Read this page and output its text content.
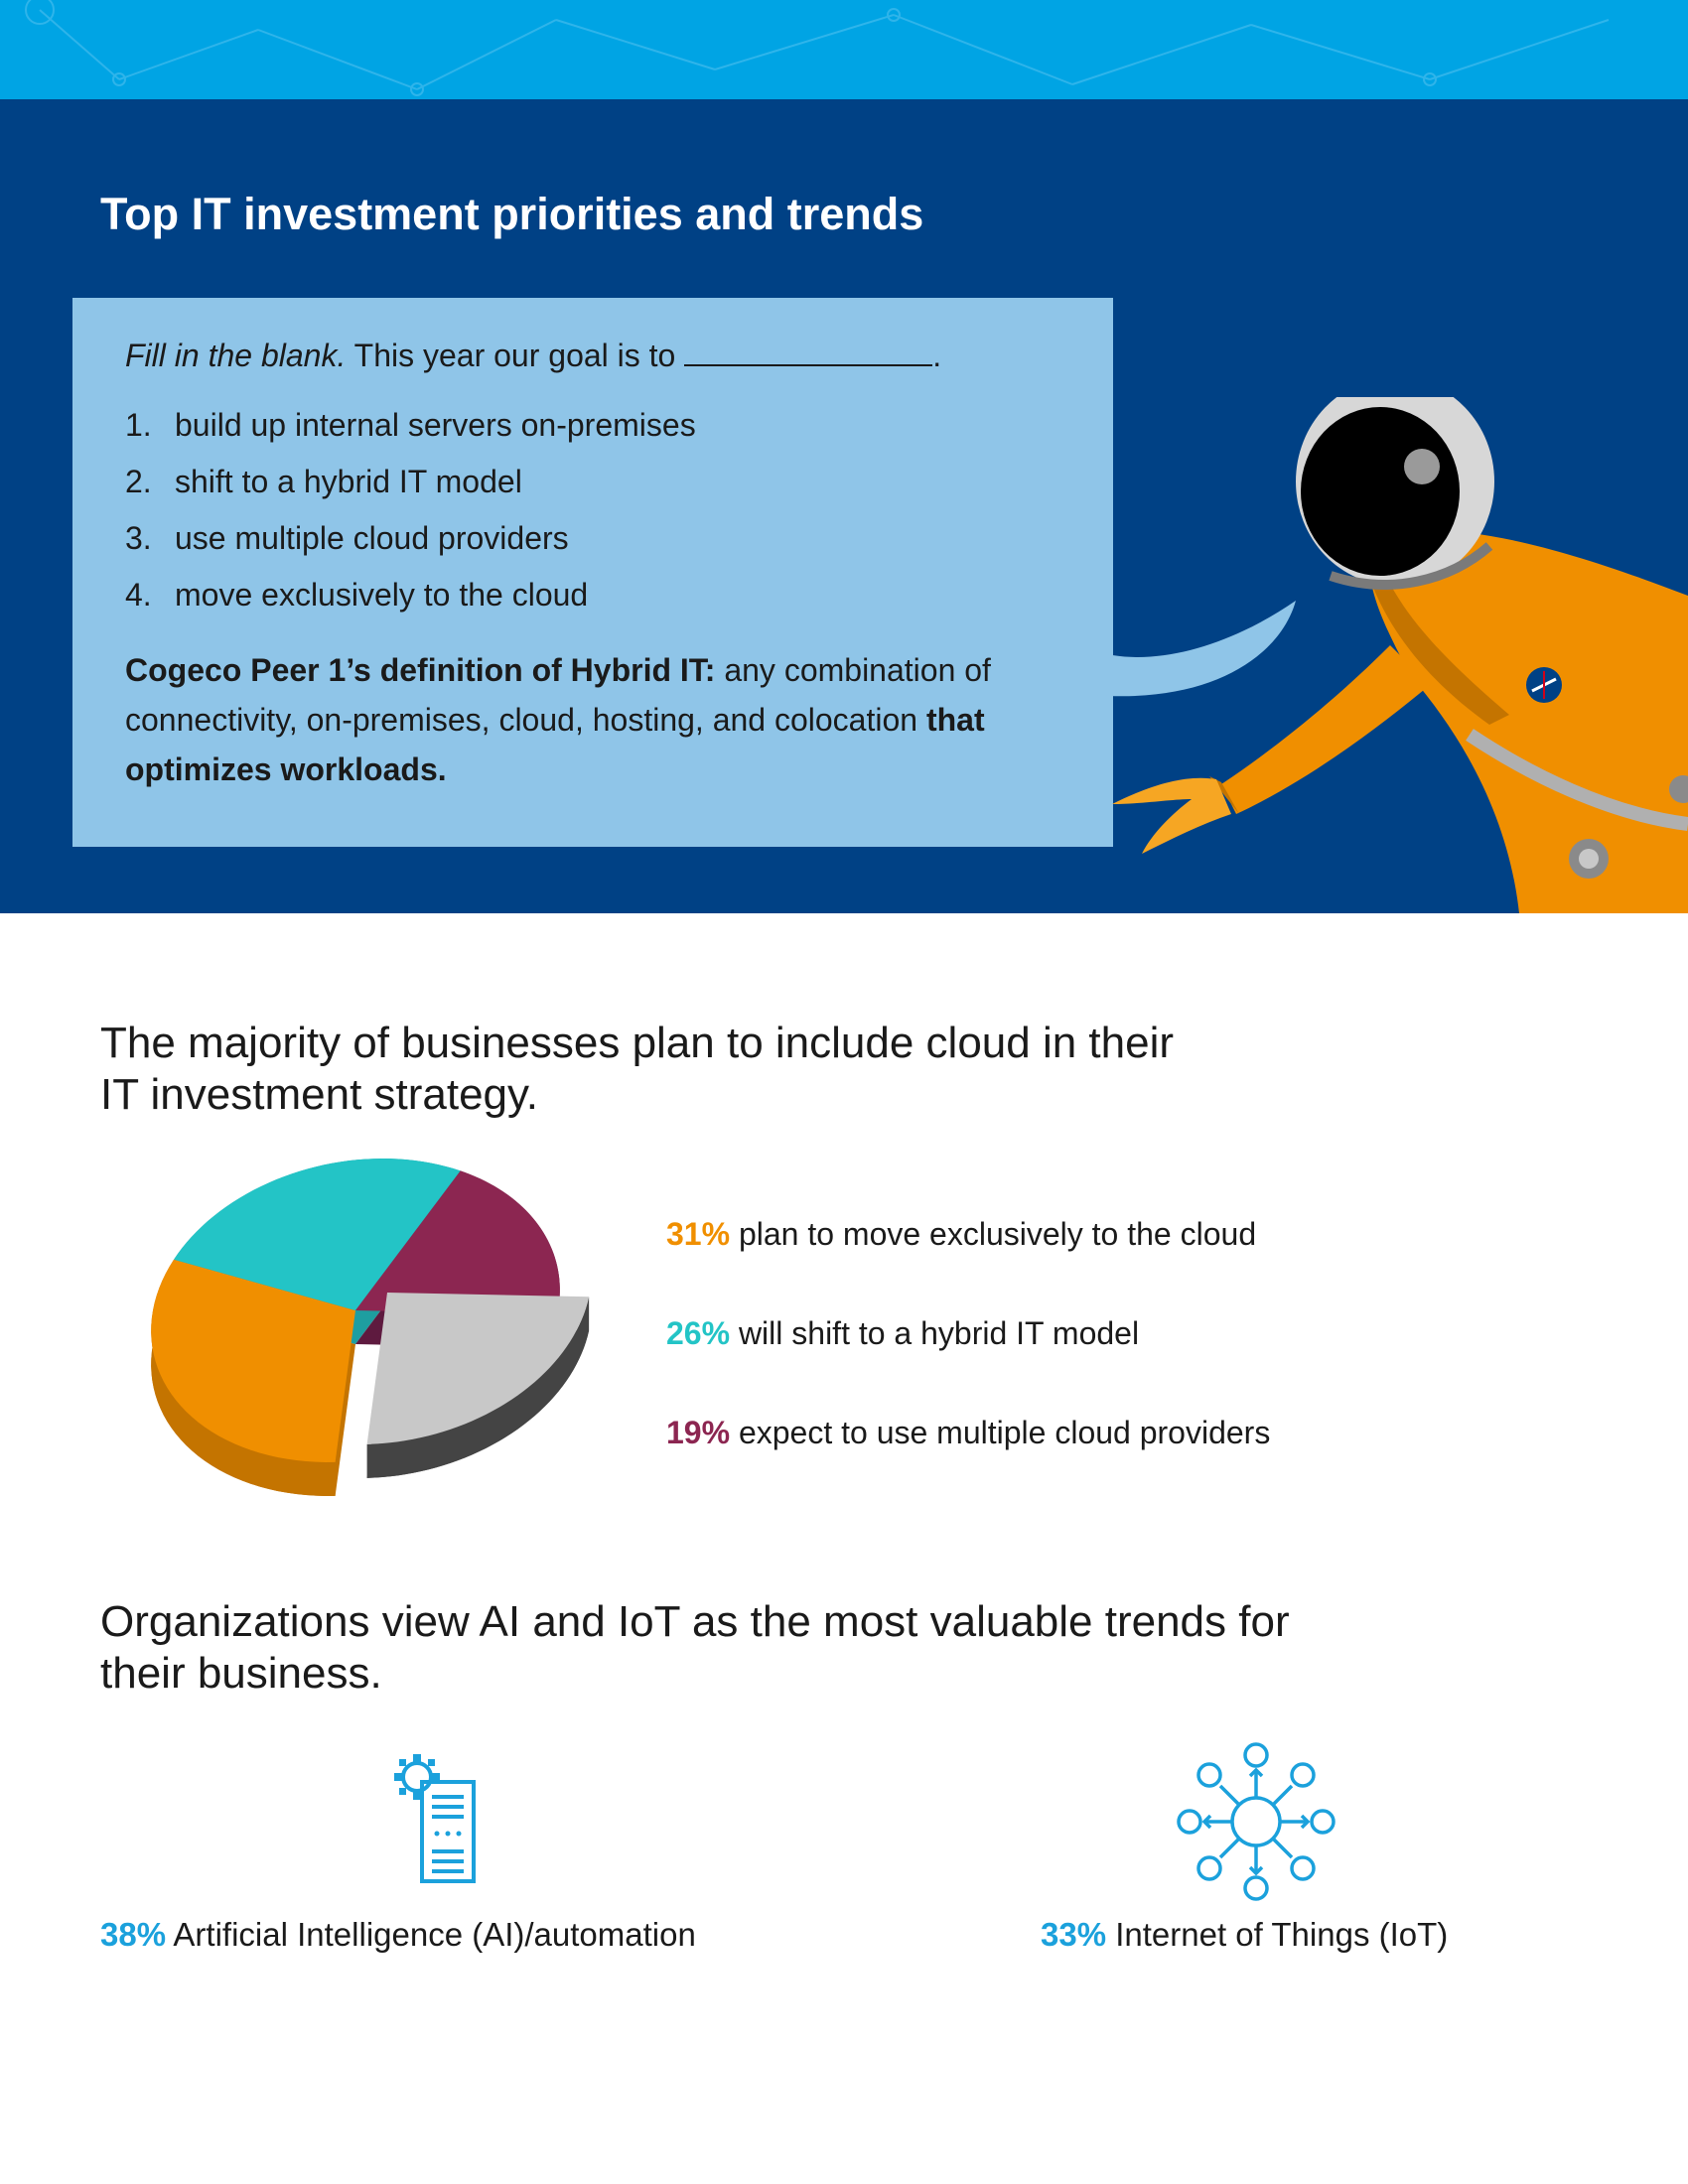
Top IT investment priorities and trends
Fill in the blank. This year our goal is to	.
1. build up internal servers on-premises
2. shift to a hybrid IT model
3. use multiple cloud providers
4. move exclusively to the cloud
Cogeco Peer 1’s definition of Hybrid IT: any combination of connectivity, on-premises, cloud, hosting, and colocation that optimizes workloads.
The majority of businesses plan to include cloud in their
IT investment strategy.
31% plan to move exclusively to the cloud
26% will shift to a hybrid IT model
19% expect to use multiple cloud providers
Organizations view AI and IoT as the most valuable trends for
their business.
38% Artificial Intelligence (AI)/automation	33% Internet of Things (IoT)
